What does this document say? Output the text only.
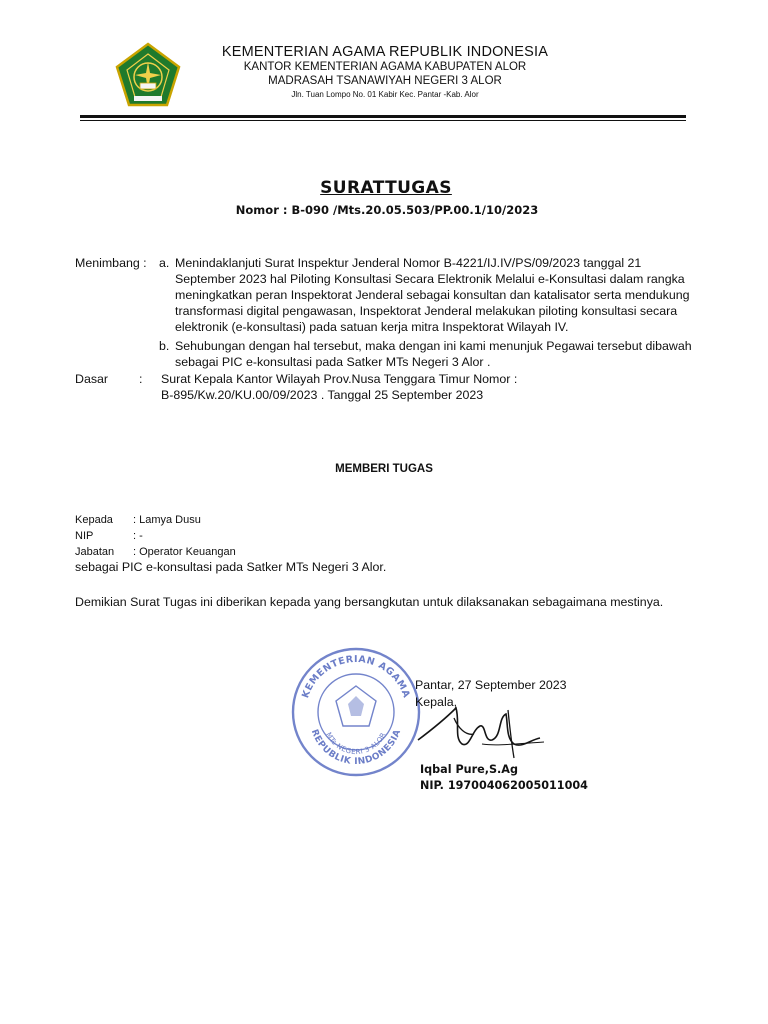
KEMENTERIAN AGAMA REPUBLIK INDONESIA
KANTOR KEMENTERIAN AGAMA KABUPATEN ALOR
MADRASAH TSANAWIYAH NEGERI 3 ALOR
Jln. Tuan Lompo No. 01 Kabir Kec. Pantar -Kab. Alor
SURATTUGAS
Nomor : B-090 /Mts.20.05.503/PP.00.1/10/2023
Menimbang : a. Menindaklanjuti Surat Inspektur Jenderal Nomor B-4221/IJ.IV/PS/09/2023 tanggal 21
September 2023 hal Piloting Konsultasi Secara Elektronik Melalui e-Konsultasi dalam rangka
meningkatkan peran Inspektorat Jenderal sebagai konsultan dan katalisator serta mendukung
transformasi digital pengawasan, Inspektorat Jenderal melakukan piloting konsultasi secara
elektronik (e-konsultasi) pada satuan kerja mitra Inspektorat Wilayah IV.
b. Sehubungan dengan hal tersebut, maka dengan ini kami menunjuk Pegawai tersebut dibawah
sebagai PIC e-konsultasi pada Satker MTs Negeri 3 Alor .
Dasar : Surat Kepala Kantor Wilayah Prov.Nusa Tenggara Timur Nomor :
B-895/Kw.20/KU.00/09/2023 . Tanggal 25 September 2023
MEMBERI TUGAS
Kepada : Lamya Dusu
NIP	: -
Jabatan : Operator Keuangan
sebagai PIC e-konsultasi pada Satker MTs Negeri 3 Alor.
Demikian Surat Tugas ini diberikan kepada yang bersangkutan untuk dilaksanakan sebagaimana mestinya.
KEMENTERIAN AGAMA
MTs NEGERI 3 ALOR
REPUBLIK INDONESIA
Pantar, 27 September 2023
Kepala,
Iqbal Pure,S.Ag
NIP. 197004062005011004
